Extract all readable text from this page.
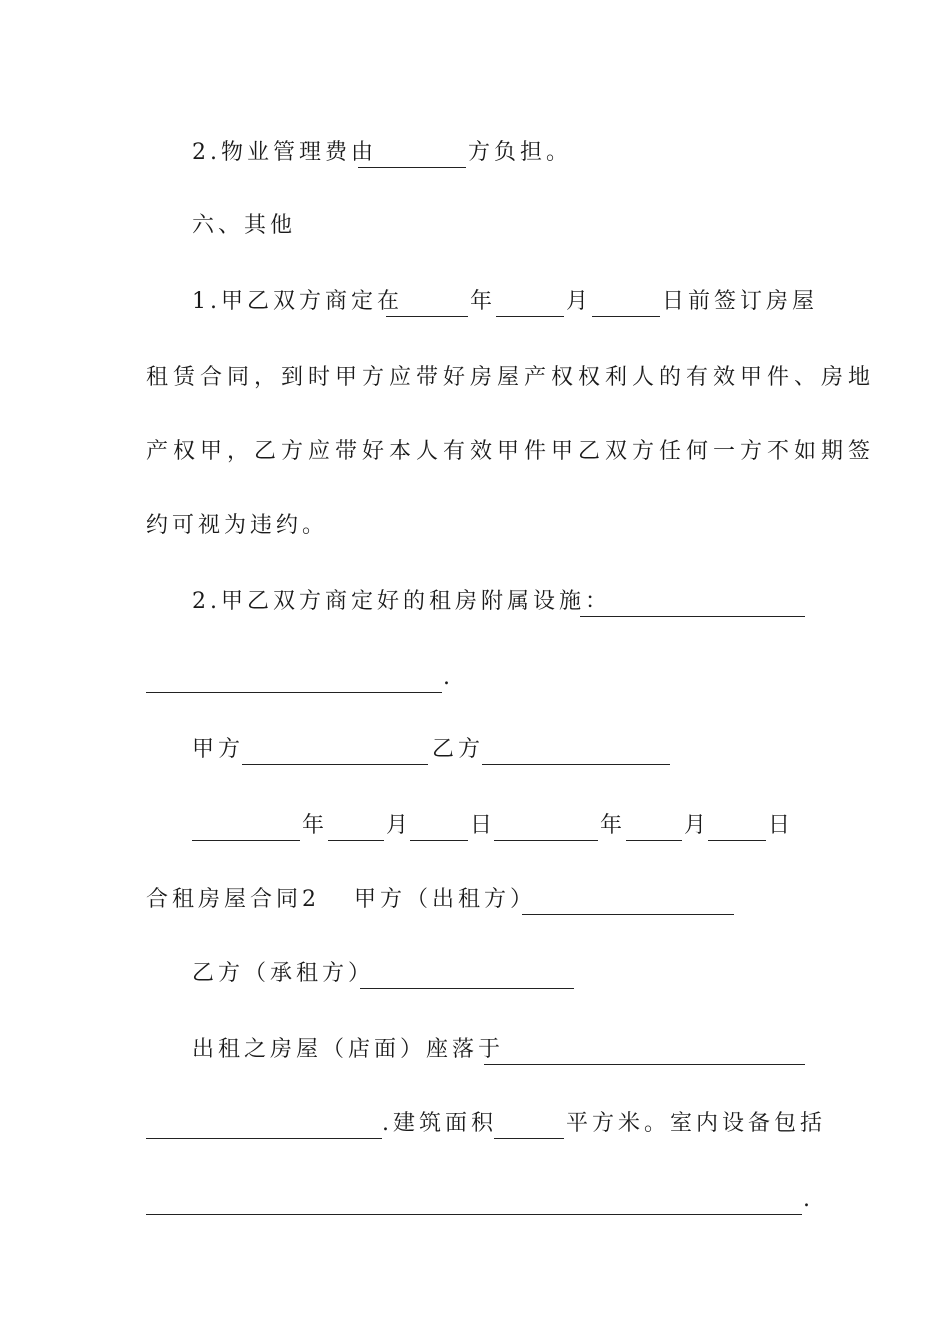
2.物业管理费由	方负担。
六、其他
1.甲乙双方商定在	年	月	日前签订房屋
租赁合同，到时甲方应带好房屋产权权利人的有效甲件、房地
产权甲，乙方应带好本人有效甲件甲乙双方任何一方不如期签
约可视为违约。
2.甲乙双方商定好的租房附属设施：
.
甲方	乙方
年	月	日	年	月	日
合租房屋合同2 甲方（出租方）
乙方（承租方）
出租之房屋（店面）座落于
.建筑面积	平方米。室内设备包括
.
